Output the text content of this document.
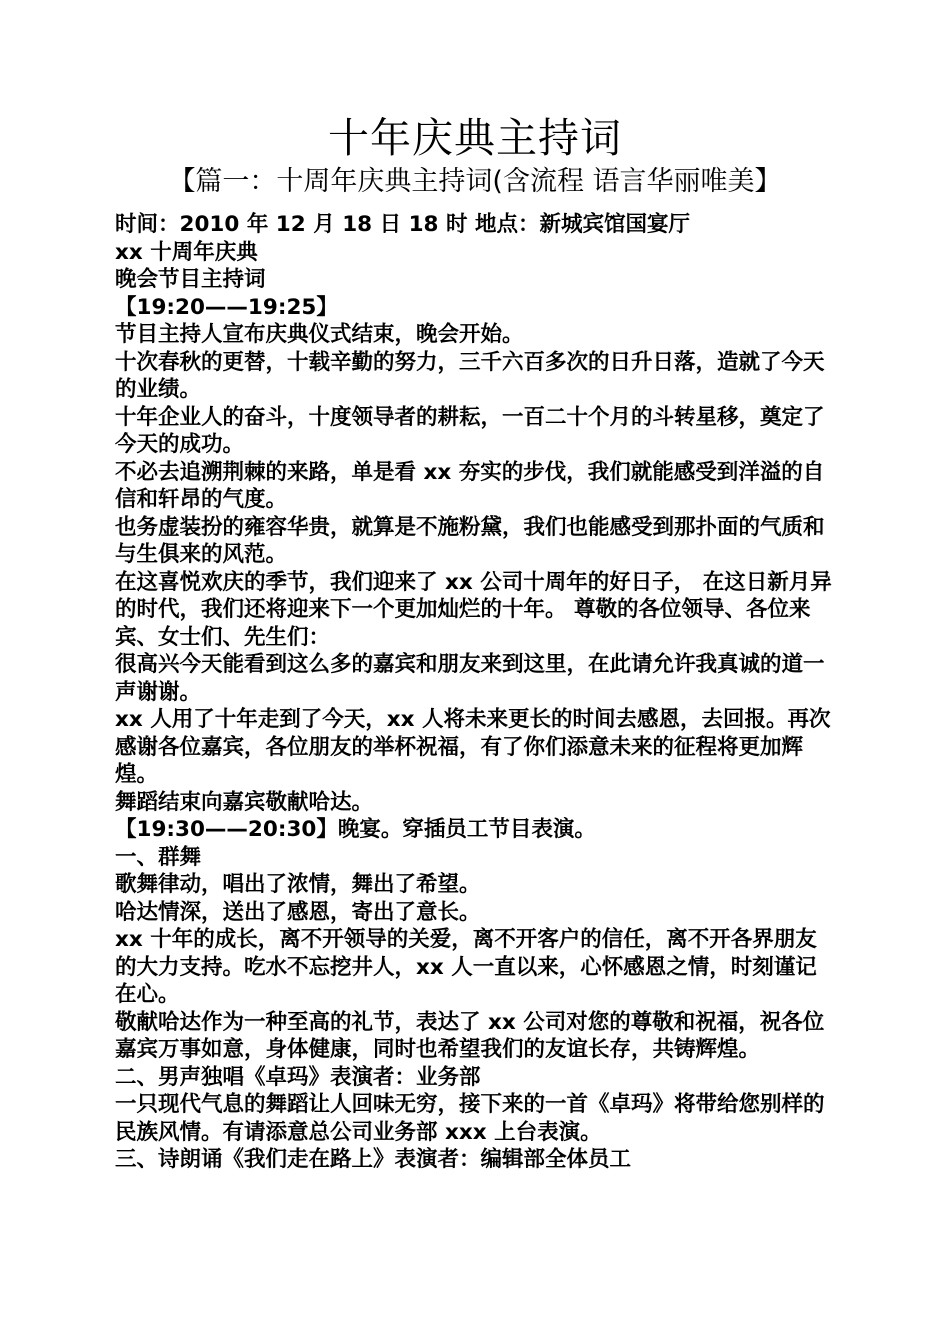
十年庆典主持词
【篇一：十周年庆典主持词(含流程 语言华丽唯美】

时间：2010 年 12 月 18 日 18 时 地点：新城宾馆国宴厅

xx 十周年庆典

晚会节目主持词

【19:20——19:25】

节目主持人宣布庆典仪式结束，晚会开始。

十次春秋的更替，十载辛勤的努力，三千六百多次的日升日落，造就了今天的业绩。

十年企业人的奋斗，十度领导者的耕耘，一百二十个月的斗转星移，奠定了今天的成功。

不必去追溯荆棘的来路，单是看 xx 夯实的步伐，我们就能感受到洋溢的自信和轩昂的气度。

也务虚装扮的雍容华贵，就算是不施粉黛，我们也能感受到那扑面的气质和与生俱来的风范。

在这喜悦欢庆的季节，我们迎来了 xx 公司十周年的好日子， 在这日新月异的时代，我们还将迎来下一个更加灿烂的十年。 尊敬的各位领导、各位来宾、女士们、先生们：

很高兴今天能看到这么多的嘉宾和朋友来到这里，在此请允许我真诚的道一声谢谢。

xx 人用了十年走到了今天，xx 人将未来更长的时间去感恩，去回报。再次感谢各位嘉宾，各位朋友的举杯祝福，有了你们添意未来的征程将更加辉煌。

舞蹈结束向嘉宾敬献哈达。

【19:30——20:30】晚宴。穿插员工节目表演。

一、群舞

歌舞律动，唱出了浓情，舞出了希望。

哈达情深，送出了感恩，寄出了意长。

xx 十年的成长，离不开领导的关爱，离不开客户的信任，离不开各界朋友的大力支持。吃水不忘挖井人，xx 人一直以来，心怀感恩之情，时刻谨记在心。

敬献哈达作为一种至高的礼节，表达了 xx 公司对您的尊敬和祝福，祝各位嘉宾万事如意，身体健康，同时也希望我们的友谊长存，共铸辉煌。

二、男声独唱《卓玛》表演者：业务部

一只现代气息的舞蹈让人回味无穷，接下来的一首《卓玛》将带给您别样的民族风情。有请添意总公司业务部 xxx 上台表演。

三、诗朗诵《我们走在路上》表演者：编辑部全体员工
